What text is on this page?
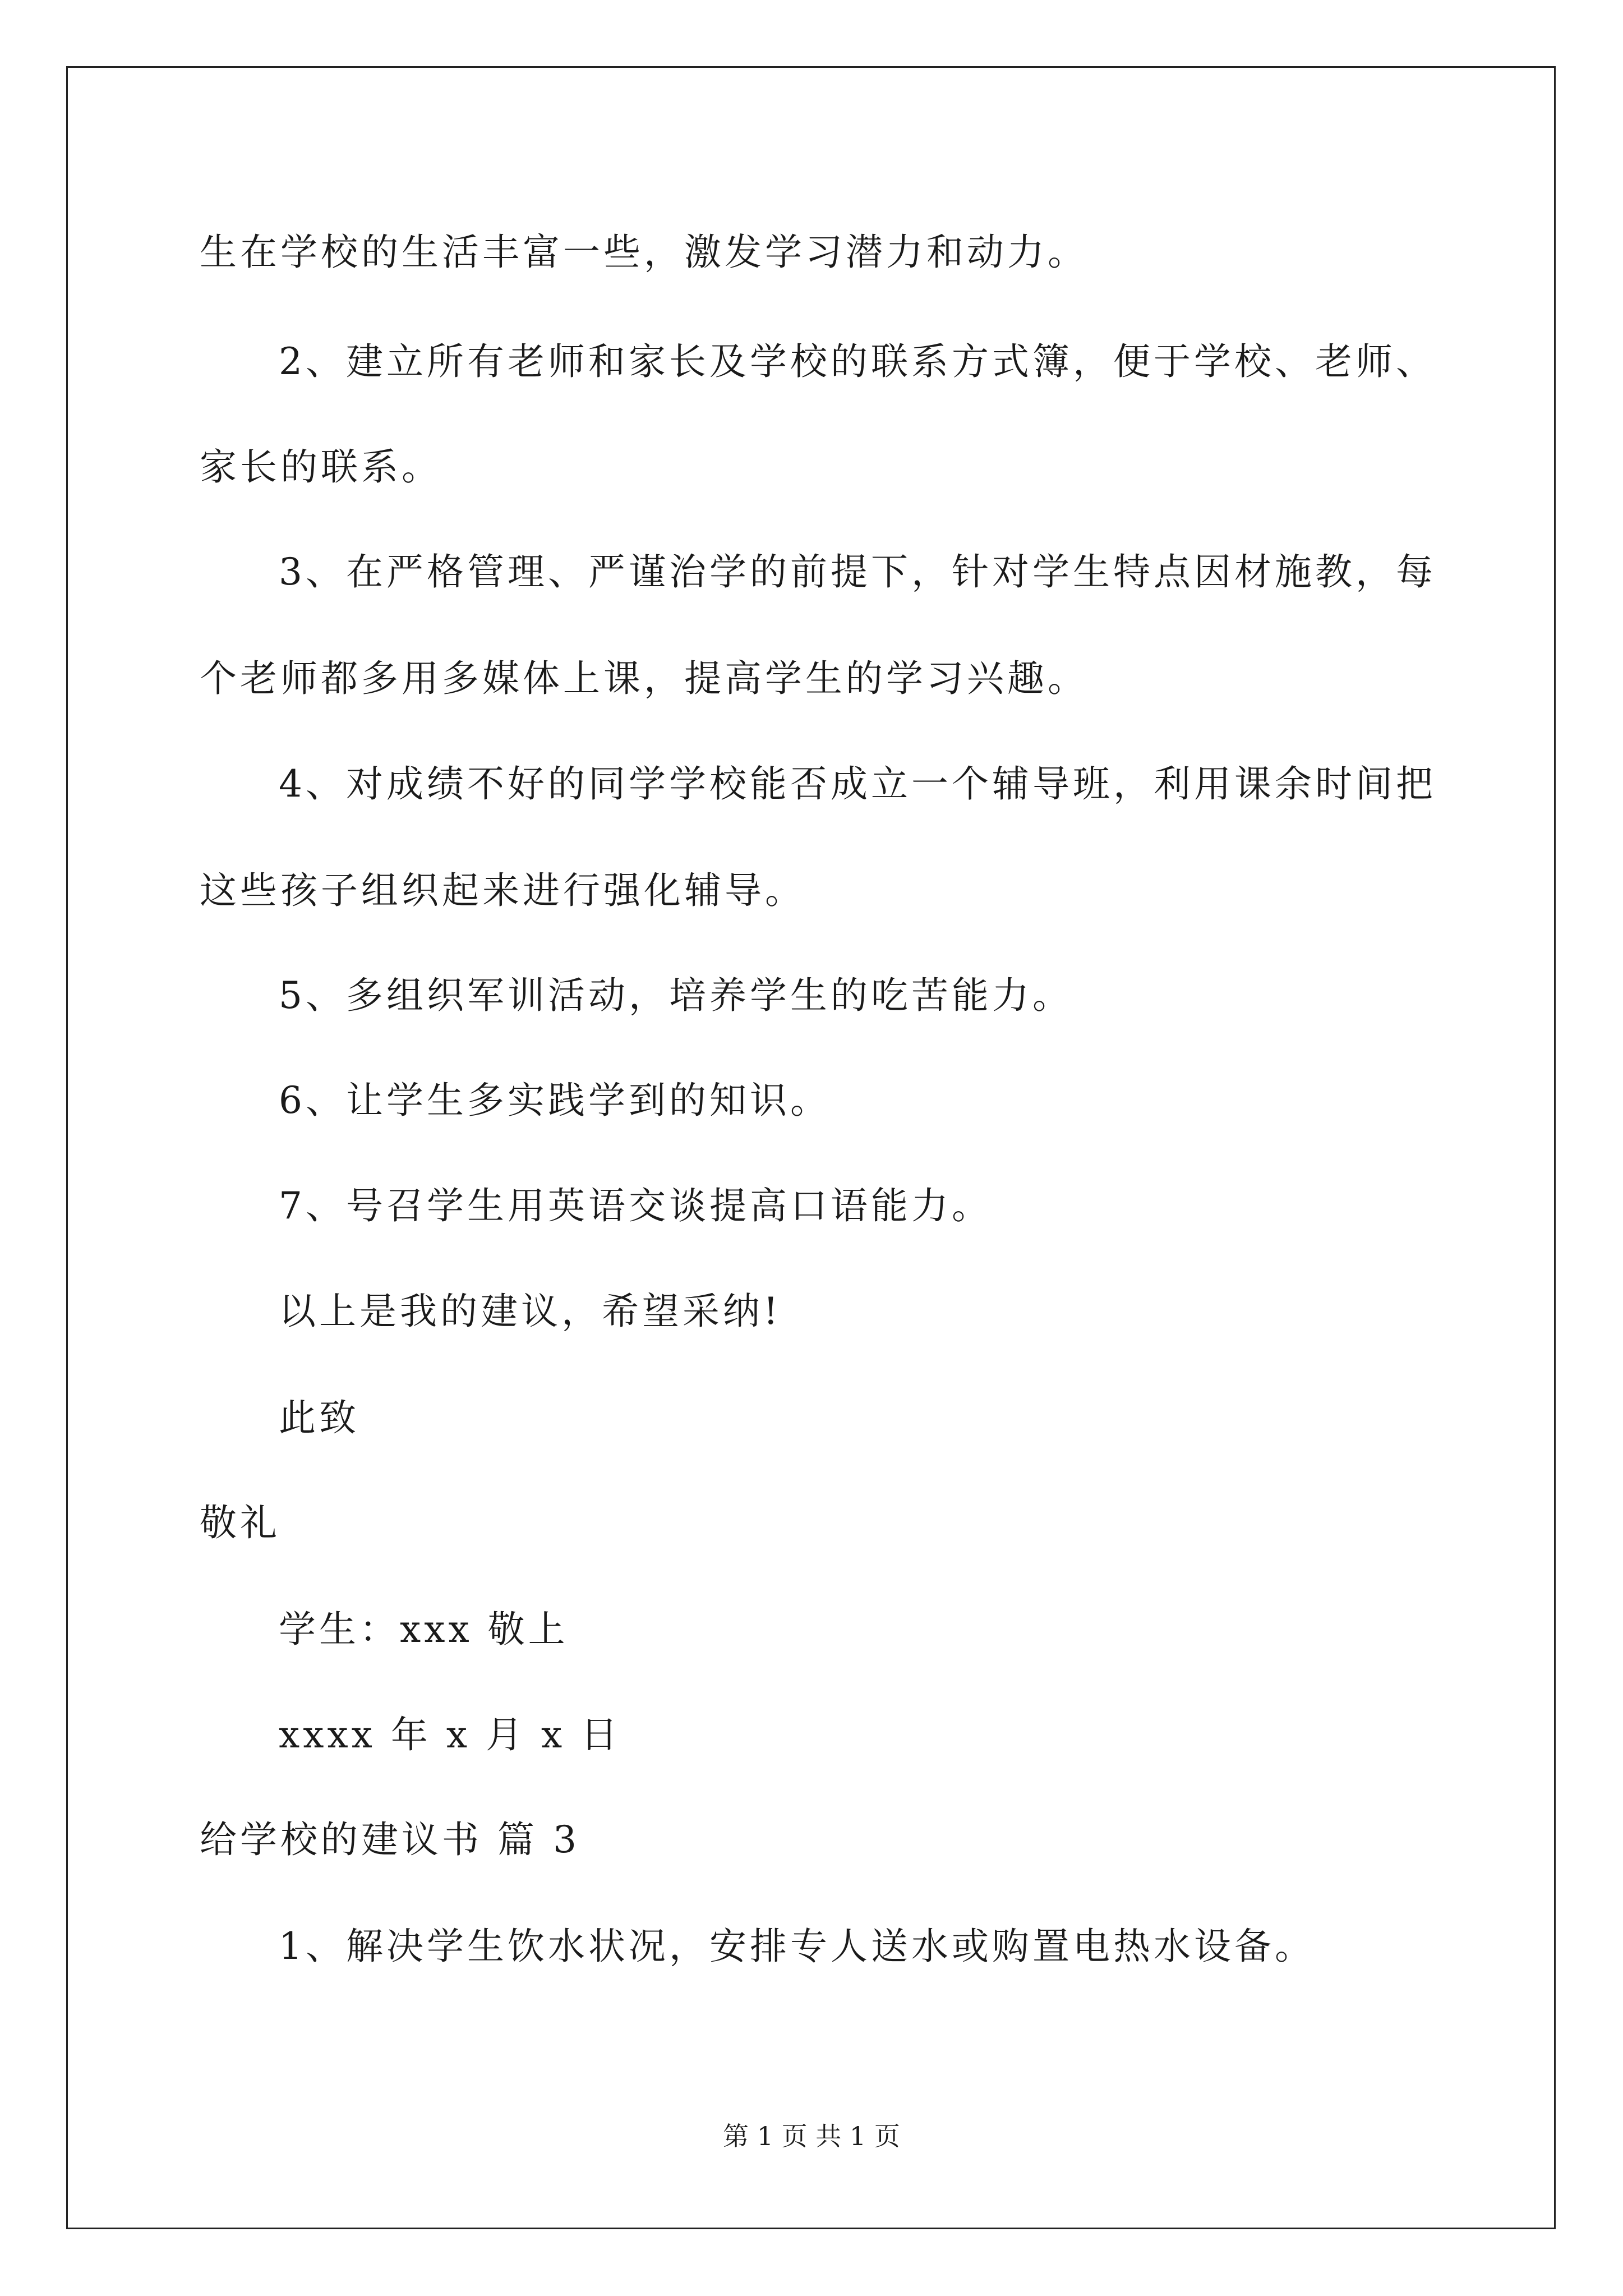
生在学校的生活丰富一些，激发学习潜力和动力。
2、建立所有老师和家长及学校的联系方式簿，便于学校、老师、
家长的联系。
3、在严格管理、严谨治学的前提下，针对学生特点因材施教，每
个老师都多用多媒体上课，提高学生的学习兴趣。
4、对成绩不好的同学学校能否成立一个辅导班，利用课余时间把
这些孩子组织起来进行强化辅导。
5、多组织军训活动，培养学生的吃苦能力。
6、让学生多实践学到的知识。
7、号召学生用英语交谈提高口语能力。
以上是我的建议，希望采纳!
此致
敬礼
学生：xxx 敬上
xxxx 年 x 月 x 日
给学校的建议书 篇 3
1、解决学生饮水状况，安排专人送水或购置电热水设备。
第 1 页 共 1 页
